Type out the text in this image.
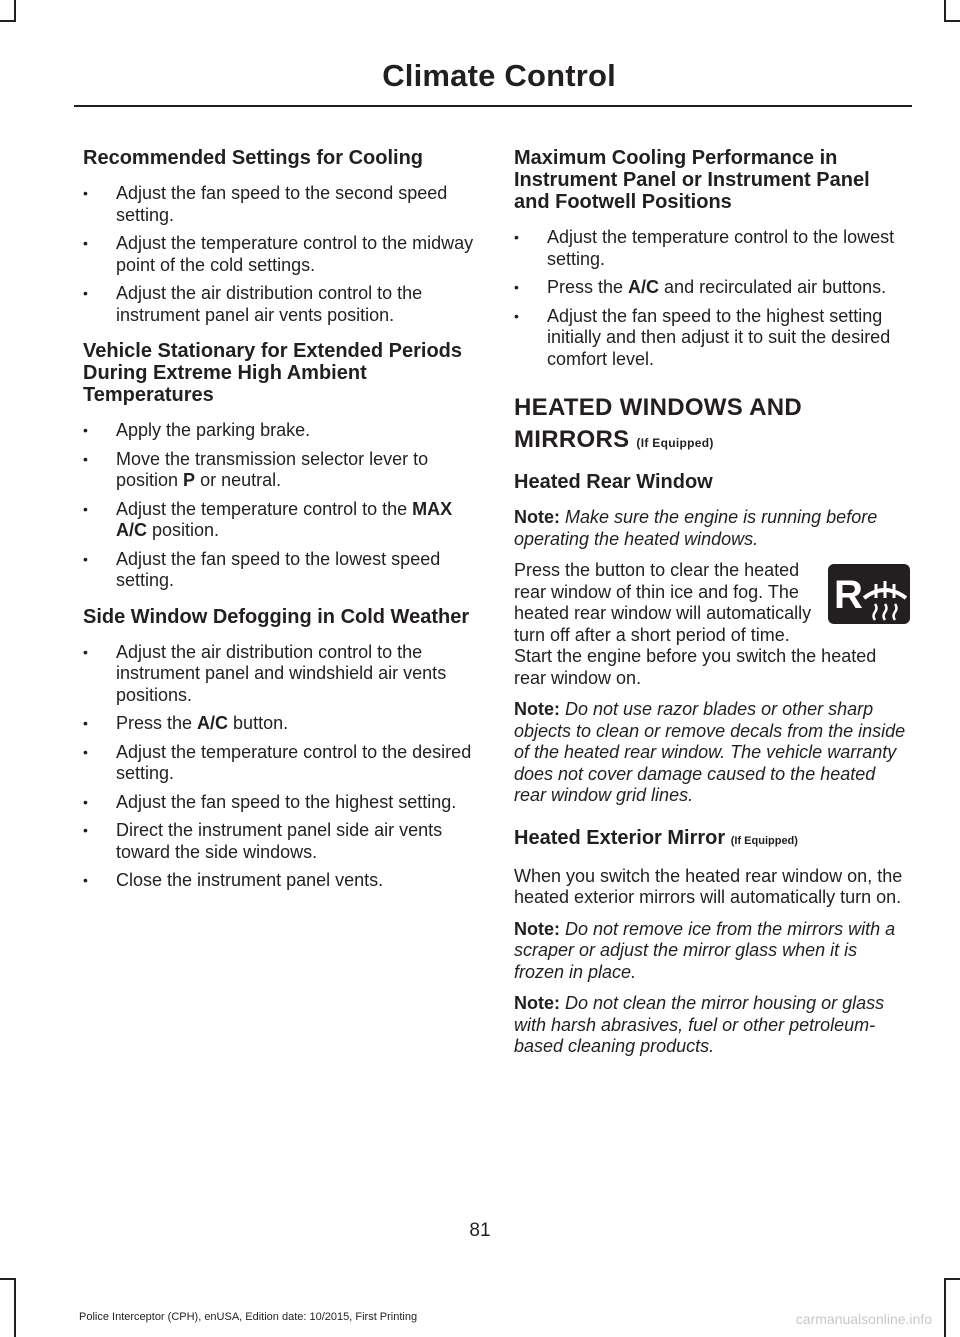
Climate Control
Recommended Settings for Cooling
• Adjust the fan speed to the second speed setting.
• Adjust the temperature control to the midway point of the cold settings.
• Adjust the air distribution control to the instrument panel air vents position.
Vehicle Stationary for Extended Periods During Extreme High Ambient Temperatures
• Apply the parking brake.
• Move the transmission selector lever to position P or neutral.
• Adjust the temperature control to the MAX A/C position.
• Adjust the fan speed to the lowest speed setting.
Side Window Defogging in Cold Weather
• Adjust the air distribution control to the instrument panel and windshield air vents positions.
• Press the A/C button.
• Adjust the temperature control to the desired setting.
• Adjust the fan speed to the highest setting.
• Direct the instrument panel side air vents toward the side windows.
• Close the instrument panel vents.
Maximum Cooling Performance in Instrument Panel or Instrument Panel and Footwell Positions
• Adjust the temperature control to the lowest setting.
• Press the A/C and recirculated air buttons.
• Adjust the fan speed to the highest setting initially and then adjust it to suit the desired comfort level.
HEATED WINDOWS AND
MIRRORS (If Equipped)
Heated Rear Window

Note: Make sure the engine is running before operating the heated windows.

R
Press the button to clear the heated rear window of thin ice and fog. The heated rear window will automatically turn off after a short period of time. Start the engine before you switch the heated rear window on.

Note: Do not use razor blades or other sharp objects to clean or remove decals from the inside of the heated rear window. The vehicle warranty does not cover damage caused to the heated rear window grid lines.

Heated Exterior Mirror (If Equipped)

When you switch the heated rear window on, the heated exterior mirrors will automatically turn on.

Note: Do not remove ice from the mirrors with a scraper or adjust the mirror glass when it is frozen in place.

Note: Do not clean the mirror housing or glass with harsh abrasives, fuel or other petroleum-based cleaning products.

81
Police Interceptor (CPH), enUSA, Edition date: 10/2015, First Printing	carmanualsonline.info
